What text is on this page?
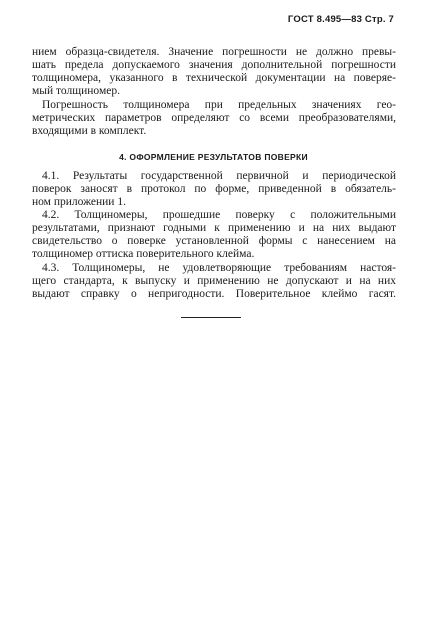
ГОСТ 8.495—83 Стр. 7
нием образца-свидетеля. Значение погрешности не должно превы-
шать предела допускаемого значения дополнительной погрешности
толщиномера, указанного в технической документации на поверяе-
мый толщиномер.
Погрешность толщиномера при предельных значениях гео-
метрических параметров определяют со всеми преобразователями,
входящими в комплект.
4. ОФОРМЛЕНИЕ РЕЗУЛЬТАТОВ ПОВЕРКИ
4.1. Результаты государственной первичной и периодической
поверок заносят в протокол по форме, приведенной в обязатель-
ном приложении 1.
4.2. Толщиномеры, прошедшие поверку с положительными
результатами, признают годными к применению и на них выдают
свидетельство о поверке установленной формы с нанесением на
толщиномер оттиска поверительного клейма.
4.3. Толщиномеры, не удовлетворяющие требованиям настоя-
щего стандарта, к выпуску и применению не допускают и на них
выдают справку о непригодности. Поверительное клеймо гасят.
